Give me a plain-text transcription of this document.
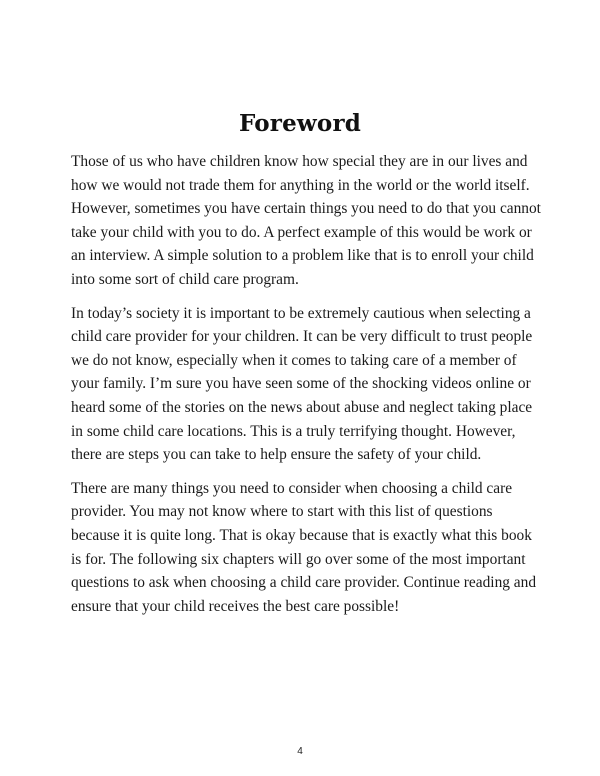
Foreword

Those of us who have children know how special they are in our lives and how we would not trade them for anything in the world or the world itself. However, sometimes you have certain things you need to do that you cannot take your child with you to do. A perfect example of this would be work or an interview. A simple solution to a problem like that is to enroll your child into some sort of child care program.

In today’s society it is important to be extremely cautious when selecting a child care provider for your children. It can be very difficult to trust people we do not know, especially when it comes to taking care of a member of your family. I’m sure you have seen some of the shocking videos online or heard some of the stories on the news about abuse and neglect taking place in some child care locations. This is a truly terrifying thought. However, there are steps you can take to help ensure the safety of your child.

There are many things you need to consider when choosing a child care provider. You may not know where to start with this list of questions because it is quite long. That is okay because that is exactly what this book is for. The following six chapters will go over some of the most important questions to ask when choosing a child care provider. Continue reading and ensure that your child receives the best care possible!

4
